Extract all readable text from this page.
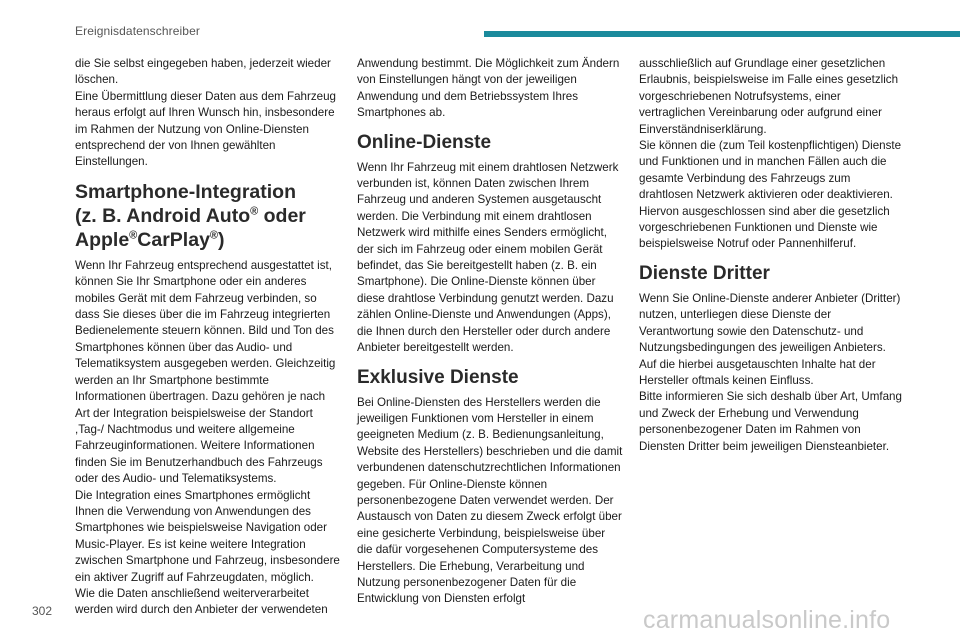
Ereignisdatenschreiber

die Sie selbst eingegeben haben, jederzeit wieder löschen.
Eine Übermittlung dieser Daten aus dem Fahrzeug heraus erfolgt auf Ihren Wunsch hin, insbesondere im Rahmen der Nutzung von Online-Diensten entsprechend der von Ihnen gewählten Einstellungen.

Smartphone-Integration
(z. B. Android Auto® oder
Apple®CarPlay®)

Wenn Ihr Fahrzeug entsprechend ausgestattet ist, können Sie Ihr Smartphone oder ein anderes mobiles Gerät mit dem Fahrzeug verbinden, so dass Sie dieses über die im Fahrzeug integrierten Bedienelemente steuern können. Bild und Ton des Smartphones können über das Audio- und Telematiksystem ausgegeben werden. Gleichzeitig werden an Ihr Smartphone bestimmte Informationen übertragen. Dazu gehören je nach Art der Integration beispielsweise der Standort ,Tag-/ Nachtmodus und weitere allgemeine Fahrzeuginformationen. Weitere Informationen finden Sie im Benutzerhandbuch des Fahrzeugs oder des Audio- und Telematiksystems.
Die Integration eines Smartphones ermöglicht Ihnen die Verwendung von Anwendungen des Smartphones wie beispielsweise Navigation oder Music-Player. Es ist keine weitere Integration zwischen Smartphone und Fahrzeug, insbesondere ein aktiver Zugriff auf Fahrzeugdaten, möglich.
Wie die Daten anschließend weiterverarbeitet werden wird durch den Anbieter der verwendeten

Anwendung bestimmt. Die Möglichkeit zum Ändern von Einstellungen hängt von der jeweiligen Anwendung und dem Betriebssystem Ihres Smartphones ab.

Online-Dienste

Wenn Ihr Fahrzeug mit einem drahtlosen Netzwerk verbunden ist, können Daten zwischen Ihrem Fahrzeug und anderen Systemen ausgetauscht werden. Die Verbindung mit einem drahtlosen Netzwerk wird mithilfe eines Senders ermöglicht, der sich im Fahrzeug oder einem mobilen Gerät befindet, das Sie bereitgestellt haben (z. B. ein Smartphone). Die Online-Dienste können über diese drahtlose Verbindung genutzt werden. Dazu zählen Online-Dienste und Anwendungen (Apps), die Ihnen durch den Hersteller oder durch andere Anbieter bereitgestellt werden.

Exklusive Dienste

Bei Online-Diensten des Herstellers werden die jeweiligen Funktionen vom Hersteller in einem geeigneten Medium (z. B. Bedienungsanleitung, Website des Herstellers) beschrieben und die damit verbundenen datenschutzrechtlichen Informationen gegeben. Für Online-Dienste können personenbezogene Daten verwendet werden. Der Austausch von Daten zu diesem Zweck erfolgt über eine gesicherte Verbindung, beispielsweise über die dafür vorgesehenen Computersysteme des Herstellers. Die Erhebung, Verarbeitung und Nutzung personenbezogener Daten für die Entwicklung von Diensten erfolgt

ausschließlich auf Grundlage einer gesetzlichen Erlaubnis, beispielsweise im Falle eines gesetzlich vorgeschriebenen Notrufsystems, einer vertraglichen Vereinbarung oder aufgrund einer Einverständniserklärung.
Sie können die (zum Teil kostenpflichtigen) Dienste und Funktionen und in manchen Fällen auch die gesamte Verbindung des Fahrzeugs zum drahtlosen Netzwerk aktivieren oder deaktivieren. Hiervon ausgeschlossen sind aber die gesetzlich vorgeschriebenen Funktionen und Dienste wie beispielsweise Notruf oder Pannenhilferuf.

Dienste Dritter

Wenn Sie Online-Dienste anderer Anbieter (Dritter) nutzen, unterliegen diese Dienste der Verantwortung sowie den Datenschutz- und Nutzungsbedingungen des jeweiligen Anbieters. Auf die hierbei ausgetauschten Inhalte hat der Hersteller oftmals keinen Einfluss.
Bitte informieren Sie sich deshalb über Art, Umfang und Zweck der Erhebung und Verwendung personenbezogener Daten im Rahmen von Diensten Dritter beim jeweiligen Diensteanbieter.

302	carmanualsonline.info
